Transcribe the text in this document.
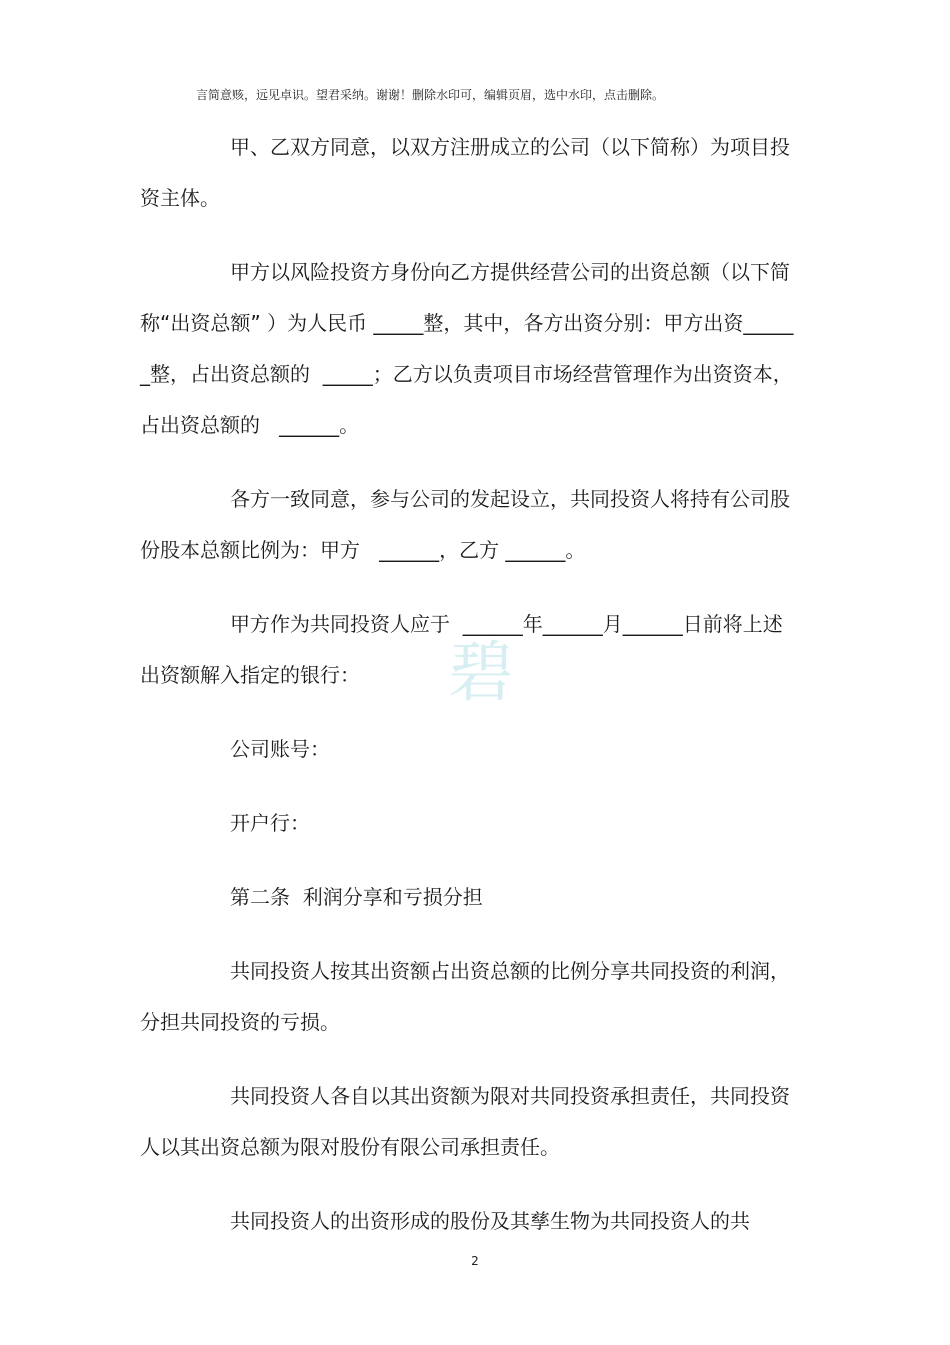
言简意赅，远见卓识。望君采纳。谢谢！删除水印可，编辑页眉，选中水印，点击删除。

甲、乙双方同意，以双方注册成立的公司（以下简称）为项目投资主体。

甲方以风险投资方身份向乙方提供经营公司的出资总额（以下简称“出资总额” ）为人民币 _____整，其中，各方出资分别：甲方出资______整，占出资总额的  _____；乙方以负责项目市场经营管理作为出资资本，占出资总额的   ______。

各方一致同意，参与公司的发起设立，共同投资人将持有公司股份股本总额比例为：甲方   ______，乙方 ______。

甲方作为共同投资人应于  ______年______月______日前将上述出资额解入指定的银行：

公司账号：

开户行：

第二条  利润分享和亏损分担

共同投资人按其出资额占出资总额的比例分享共同投资的利润，分担共同投资的亏损。

共同投资人各自以其出资额为限对共同投资承担责任，共同投资人以其出资总额为限对股份有限公司承担责任。

共同投资人的出资形成的股份及其孳生物为共同投资人的共

碧
2
